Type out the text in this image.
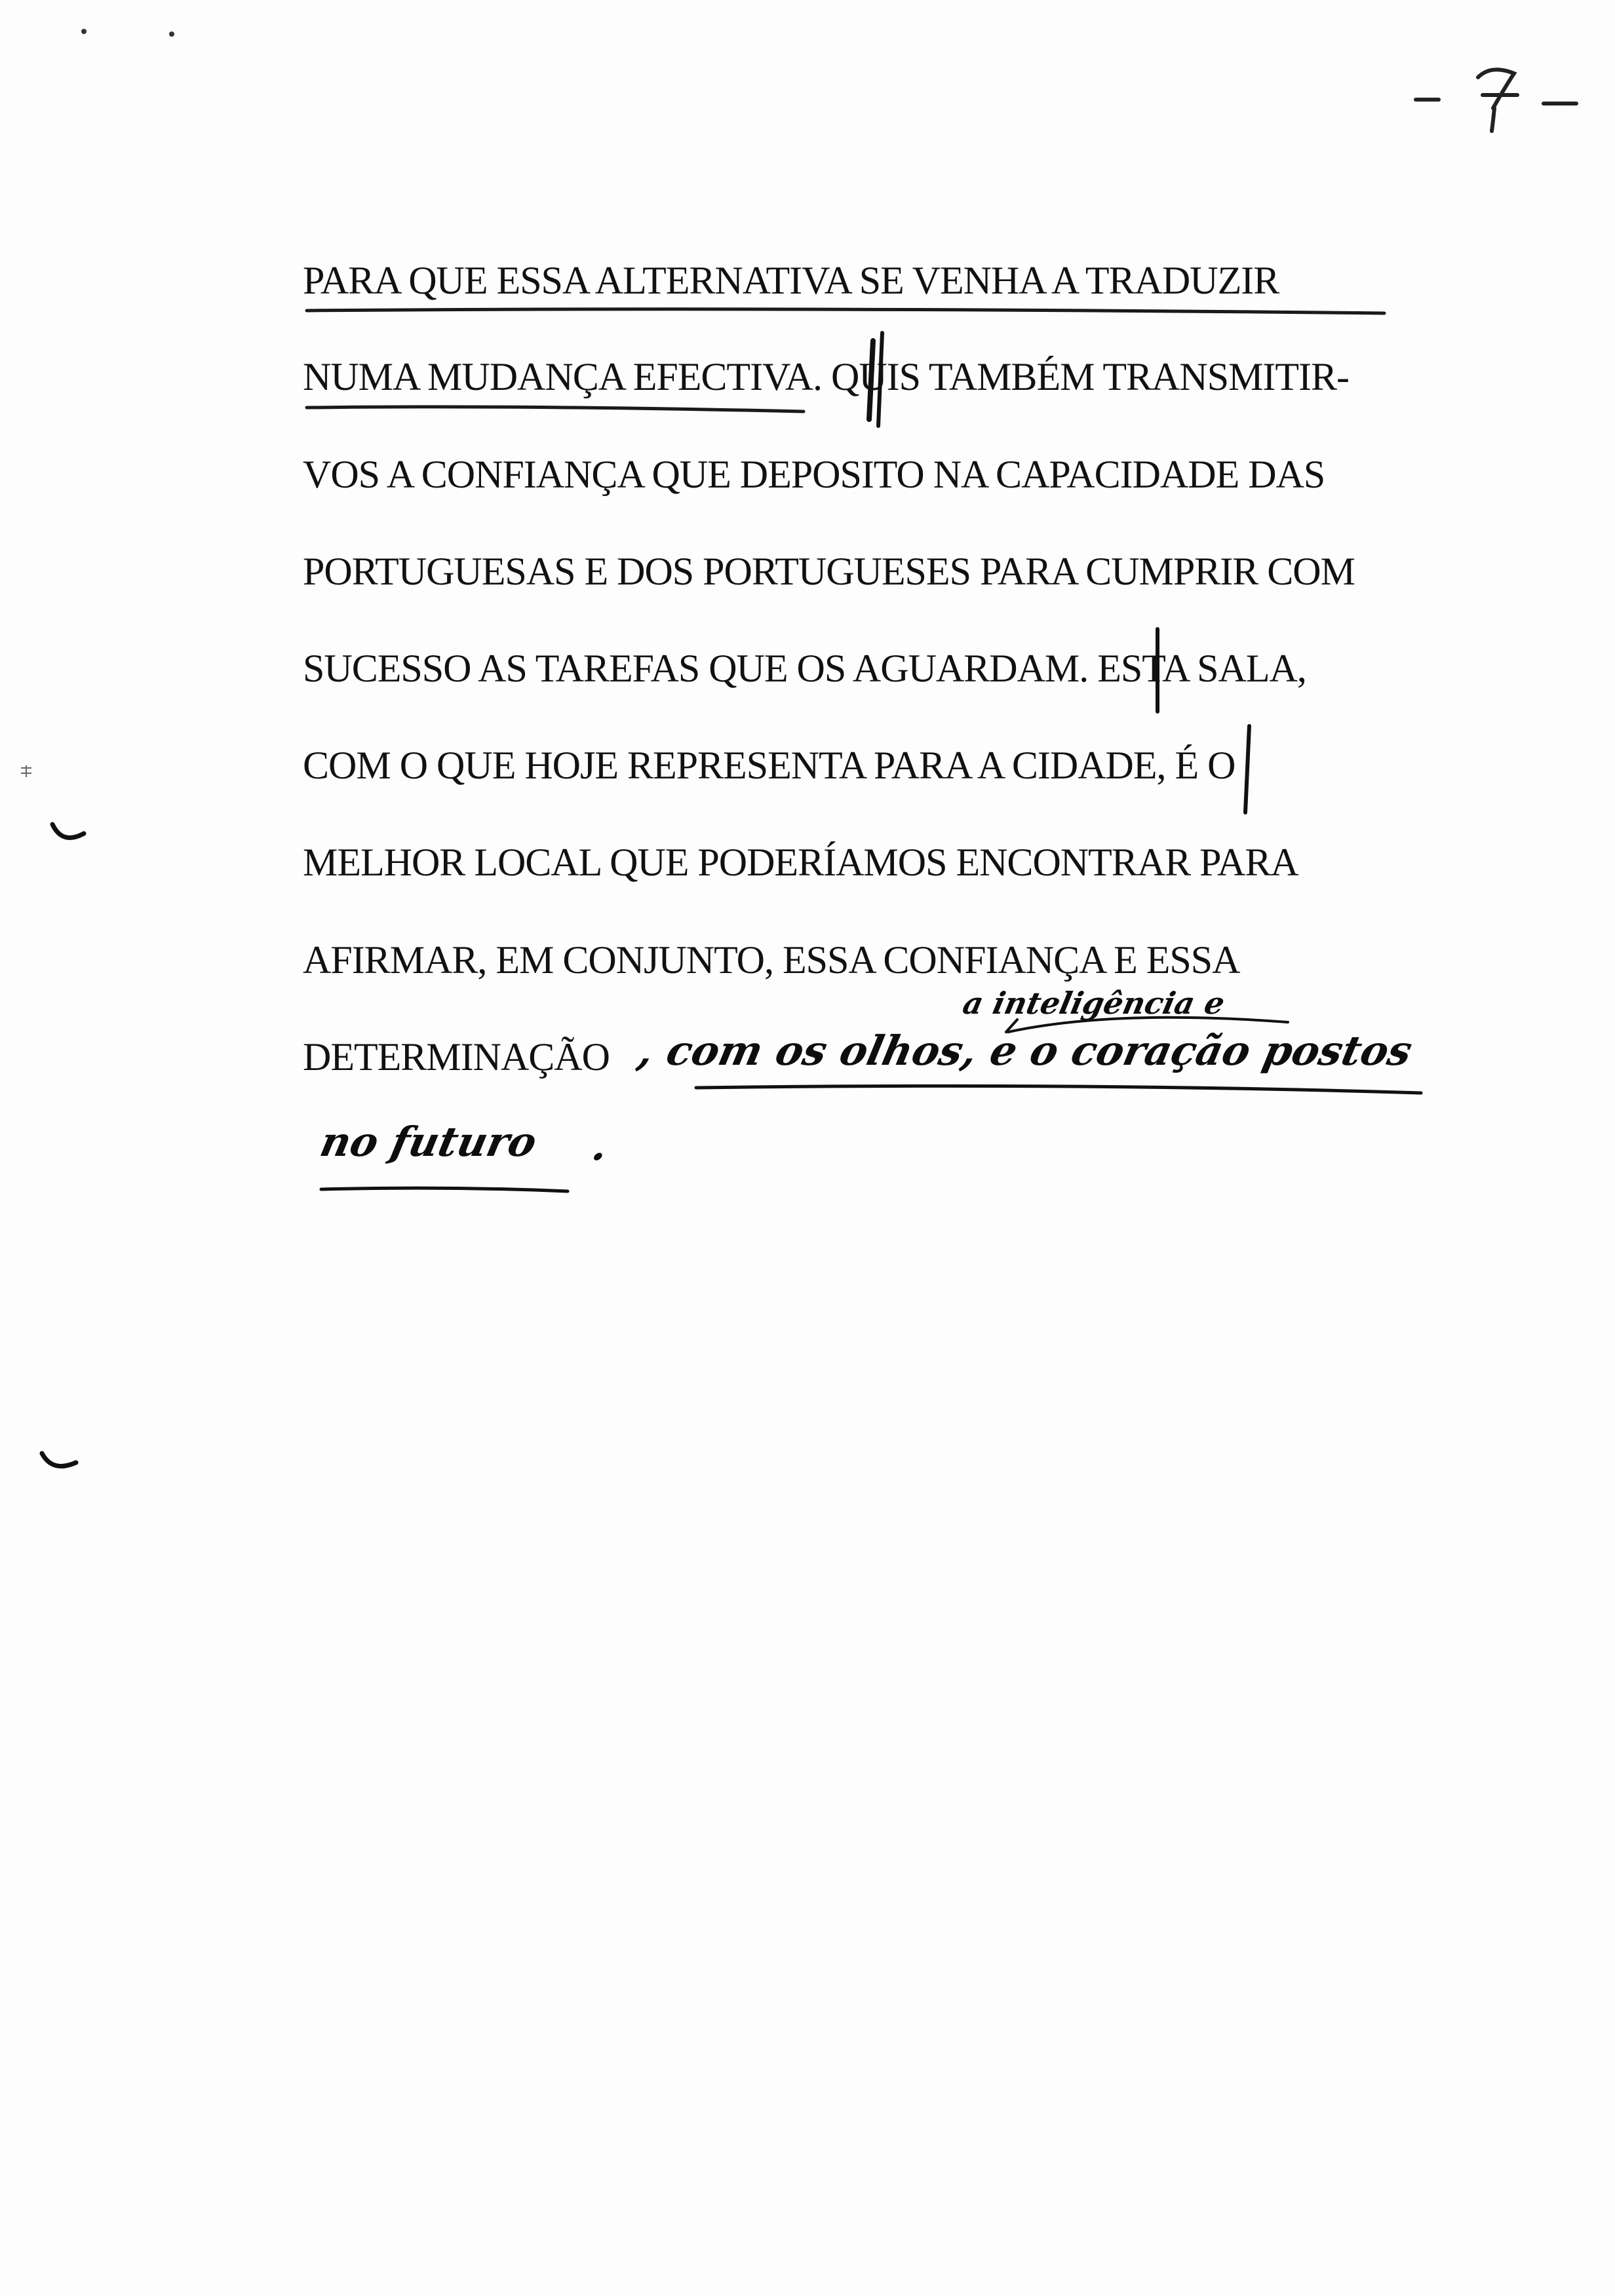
PARA QUE ESSA ALTERNATIVA SE VENHA A TRADUZIR
NUMA MUDANÇA EFECTIVA. QUIS TAMBÉM TRANSMITIR-
VOS A CONFIANÇA QUE DEPOSITO NA CAPACIDADE DAS
PORTUGUESAS E DOS PORTUGUESES PARA CUMPRIR COM
SUCESSO AS TAREFAS QUE OS AGUARDAM. ESTA SALA,
COM O QUE HOJE REPRESENTA PARA A CIDADE, É O
MELHOR LOCAL QUE PODERÍAMOS ENCONTRAR PARA
AFIRMAR, EM CONJUNTO, ESSA CONFIANÇA E ESSA
DETERMINAÇÃO
a inteligência e
, com os olhos, e o coração postos
no futuro .
